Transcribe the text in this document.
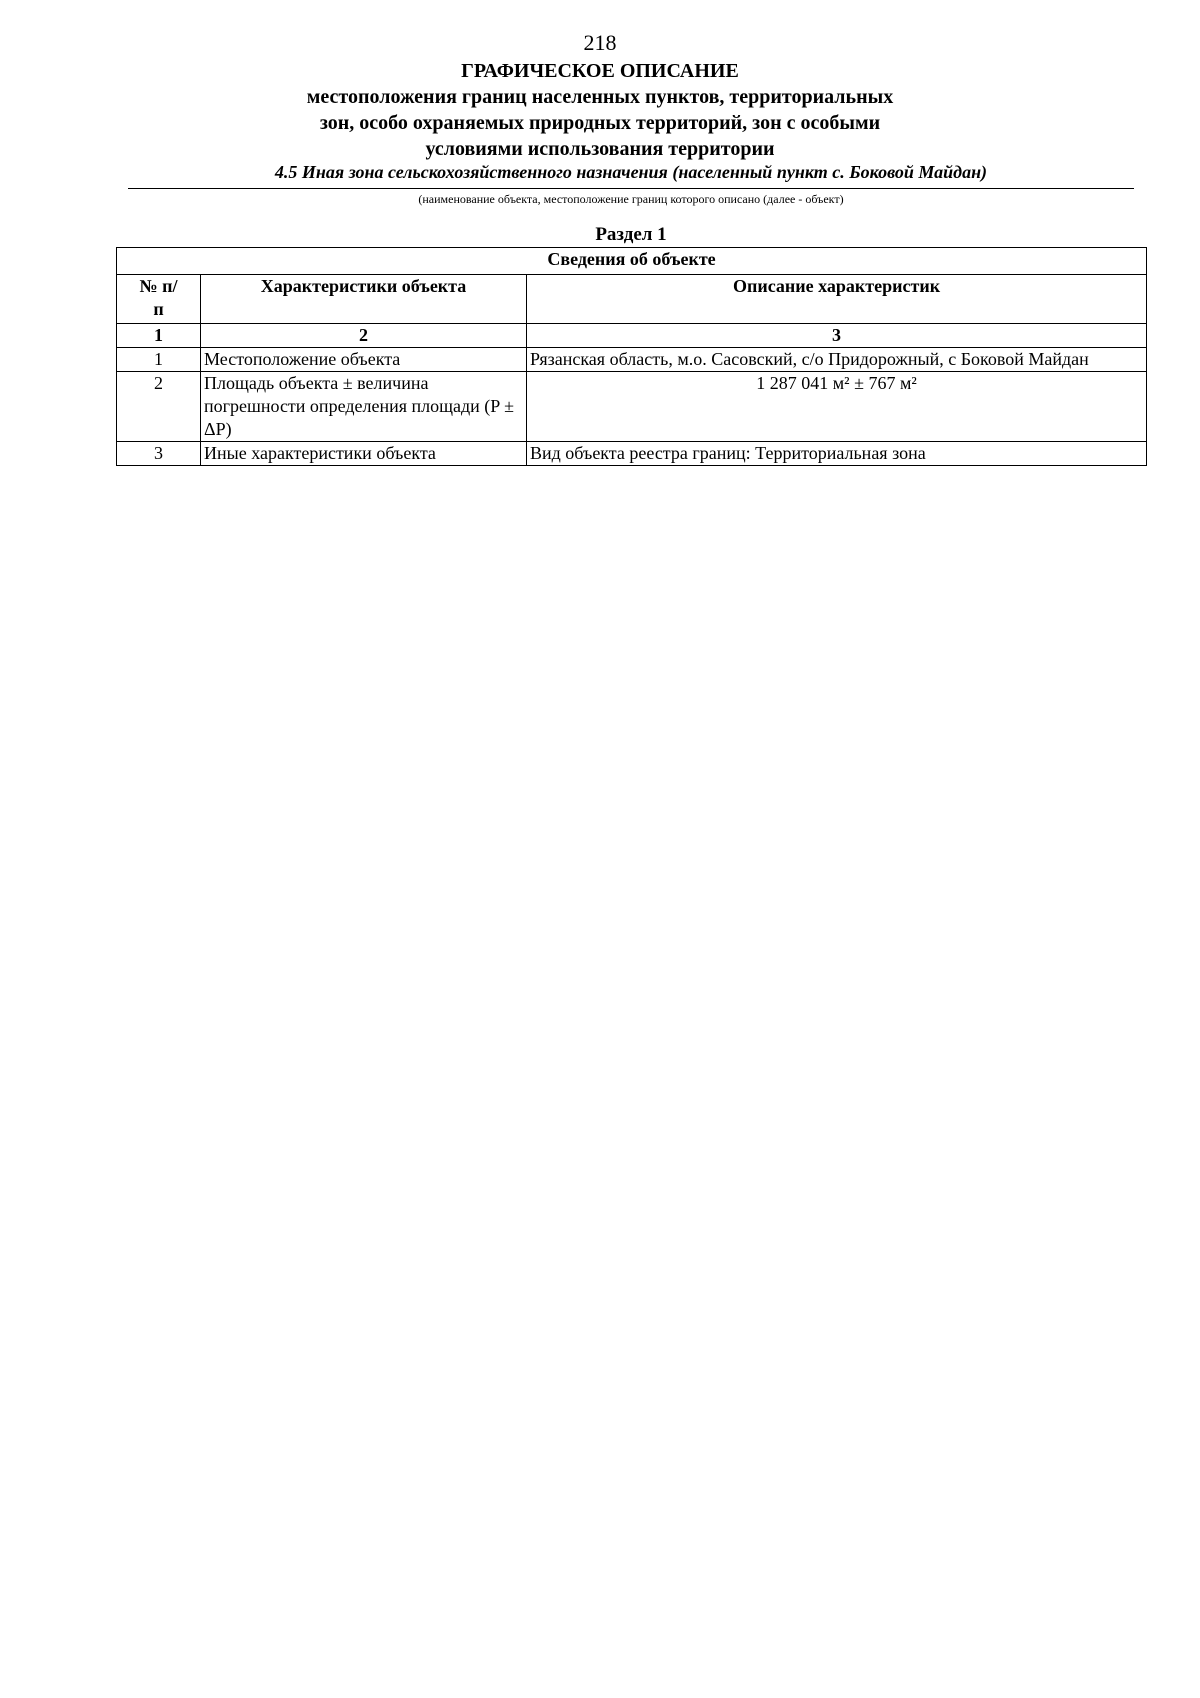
218
ГРАФИЧЕСКОЕ ОПИСАНИЕ
местоположения границ населенных пунктов, территориальных
зон, особо охраняемых природных территорий, зон с особыми
условиями использования территории
4.5 Иная зона сельскохозяйственного назначения (населенный пункт с. Боковой Майдан)
(наименование объекта, местоположение границ которого описано (далее - объект)
Раздел 1
Сведения об объекте		
№ п/п	Характеристики объекта	Описание характеристик
1	2	3
1	Местоположение объекта	Рязанская область, м.о. Сасовский, с/о Придорожный, с Боковой Майдан
2	Площадь объекта ± величина погрешности определения площади (P ± ΔP)	1 287 041 м² ± 767 м²
3	Иные характеристики объекта	Вид объекта реестра границ: Территориальная зона
